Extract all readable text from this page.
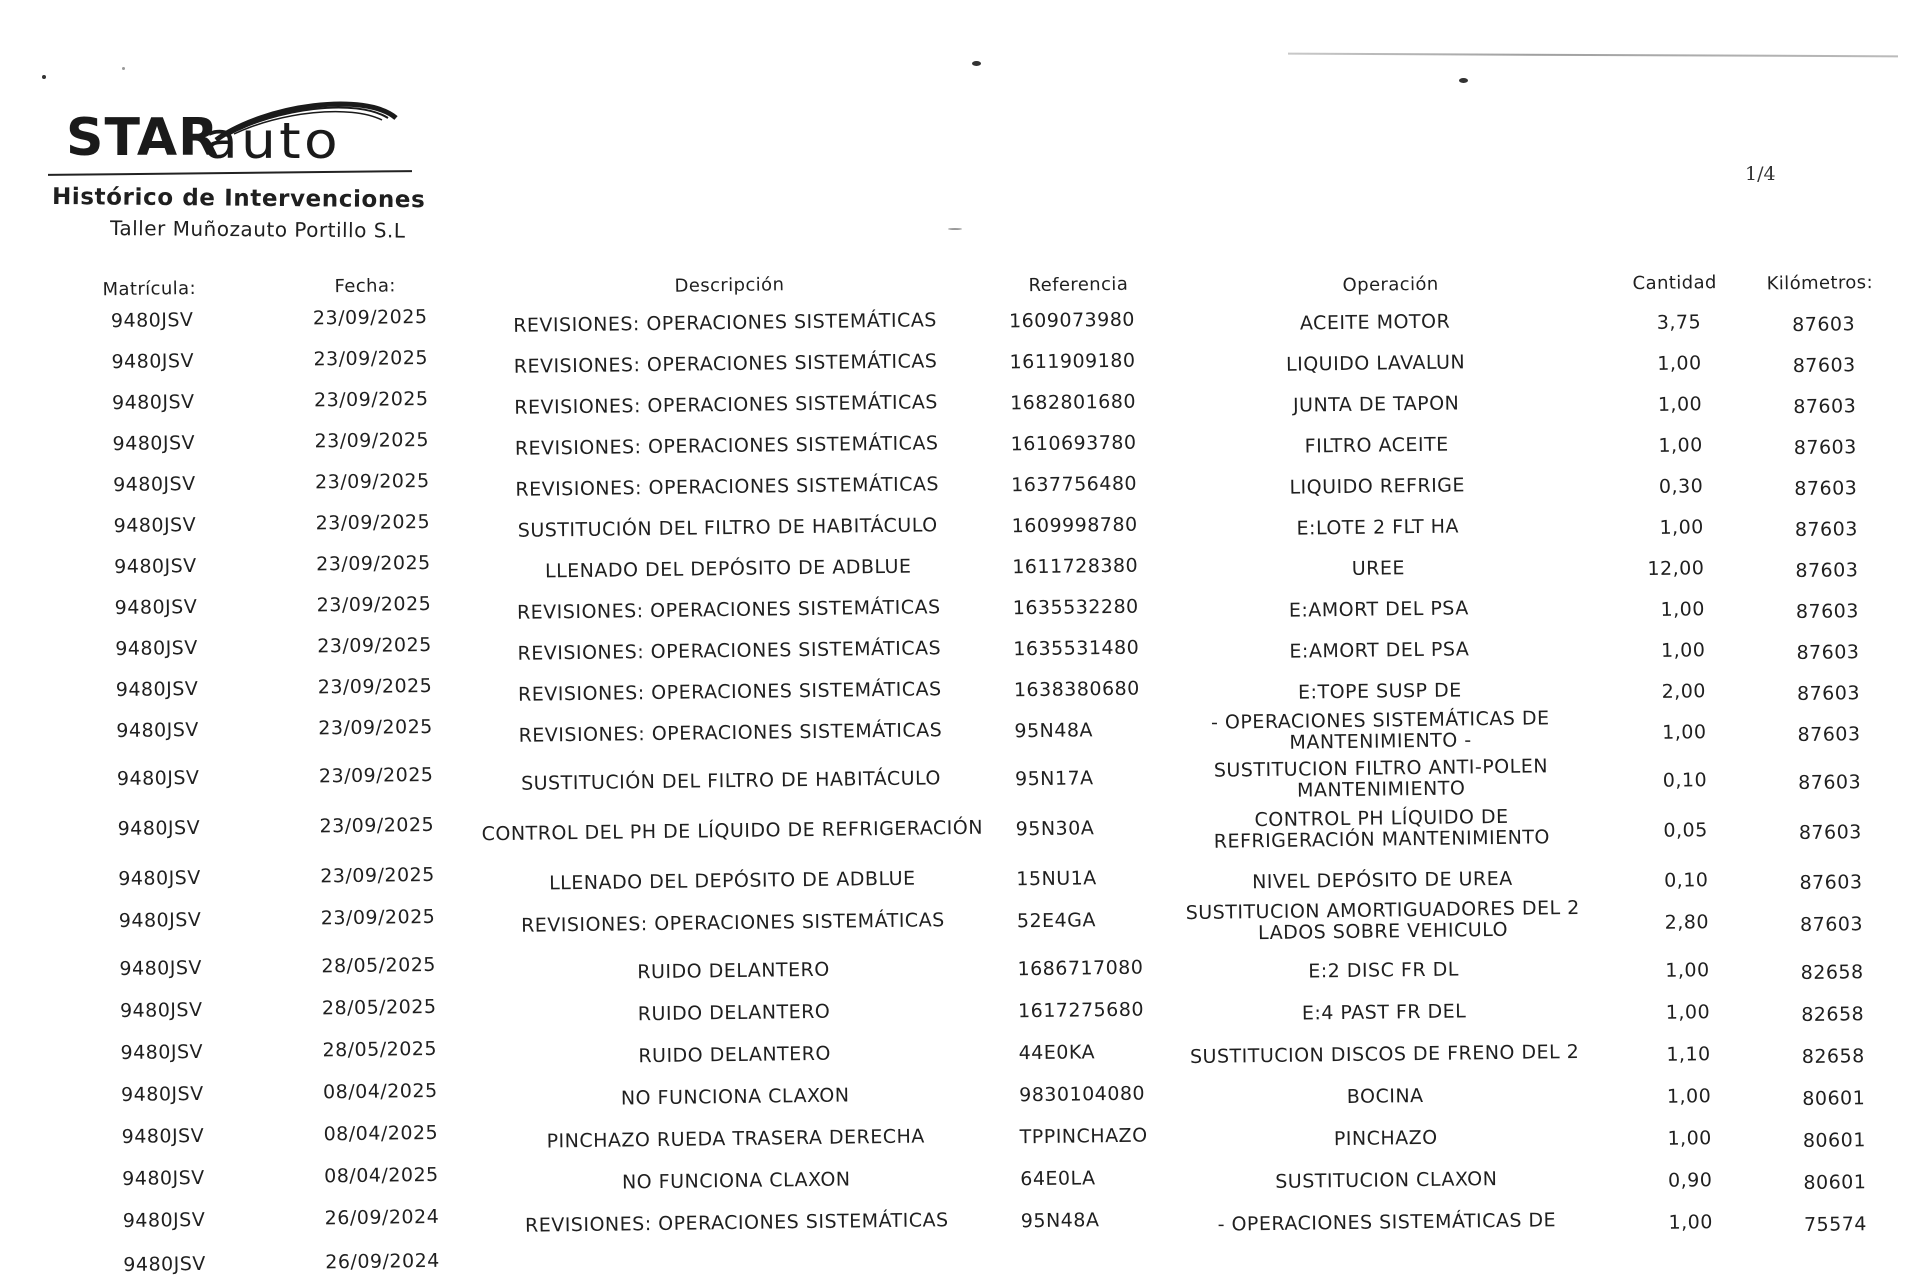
STAR
auto
Histórico de Intervenciones
Taller Muñozauto Portillo S.L
1/4
Matrícula:	Fecha:	Descripción	Referencia	Operación	Cantidad	Kilómetros:
9480JSV	23/09/2025	REVISIONES: OPERACIONES SISTEMÁTICAS	1609073980	ACEITE MOTOR	3,75	87603
9480JSV	23/09/2025	REVISIONES: OPERACIONES SISTEMÁTICAS	1611909180	LIQUIDO LAVALUN	1,00	87603
9480JSV	23/09/2025	REVISIONES: OPERACIONES SISTEMÁTICAS	1682801680	JUNTA DE TAPON	1,00	87603
9480JSV	23/09/2025	REVISIONES: OPERACIONES SISTEMÁTICAS	1610693780	FILTRO ACEITE	1,00	87603
9480JSV	23/09/2025	REVISIONES: OPERACIONES SISTEMÁTICAS	1637756480	LIQUIDO REFRIGE	0,30	87603
9480JSV	23/09/2025	SUSTITUCIÓN DEL FILTRO DE HABITÁCULO	1609998780	E:LOTE 2 FLT HA	1,00	87603
9480JSV	23/09/2025	LLENADO DEL DEPÓSITO DE ADBLUE	1611728380	UREE	12,00	87603
9480JSV	23/09/2025	REVISIONES: OPERACIONES SISTEMÁTICAS	1635532280	E:AMORT DEL PSA	1,00	87603
9480JSV	23/09/2025	REVISIONES: OPERACIONES SISTEMÁTICAS	1635531480	E:AMORT DEL PSA	1,00	87603
9480JSV	23/09/2025	REVISIONES: OPERACIONES SISTEMÁTICAS	1638380680	E:TOPE SUSP DE	2,00	87603
9480JSV	23/09/2025	REVISIONES: OPERACIONES SISTEMÁTICAS	95N48A	- OPERACIONES SISTEMÁTICAS DE MANTENIMIENTO -	1,00	87603
9480JSV	23/09/2025	SUSTITUCIÓN DEL FILTRO DE HABITÁCULO	95N17A	SUSTITUCION FILTRO ANTI-POLEN MANTENIMIENTO	0,10	87603
9480JSV	23/09/2025	CONTROL DEL PH DE LÍQUIDO DE REFRIGERACIÓN 95N30A	CONTROL PH LÍQUIDO DE REFRIGERACIÓN MANTENIMIENTO	0,05	87603
9480JSV	23/09/2025	LLENADO DEL DEPÓSITO DE ADBLUE	15NU1A	NIVEL DEPÓSITO DE UREA	0,10	87603
9480JSV	23/09/2025	REVISIONES: OPERACIONES SISTEMÁTICAS	52E4GA	SUSTITUCION AMORTIGUADORES DEL 2 LADOS SOBRE VEHICULO	2,80	87603
9480JSV	28/05/2025	RUIDO DELANTERO	1686717080	E:2 DISC FR DL	1,00	82658
9480JSV	28/05/2025	RUIDO DELANTERO	1617275680	E:4 PAST FR DEL	1,00	82658
9480JSV	28/05/2025	RUIDO DELANTERO	44E0KA	SUSTITUCION DISCOS DE FRENO DEL 2	1,10	82658
9480JSV	08/04/2025	NO FUNCIONA CLAXON	9830104080	BOCINA	1,00	80601
9480JSV	08/04/2025	PINCHAZO RUEDA TRASERA DERECHA	TPPINCHAZO	PINCHAZO	1,00	80601
9480JSV	08/04/2025	NO FUNCIONA CLAXON	64E0LA	SUSTITUCION CLAXON	0,90	80601
9480JSV	26/09/2024	REVISIONES: OPERACIONES SISTEMÁTICAS	95N48A	- OPERACIONES SISTEMÁTICAS DE	1,00	75574
9480JSV	26/09/2024
